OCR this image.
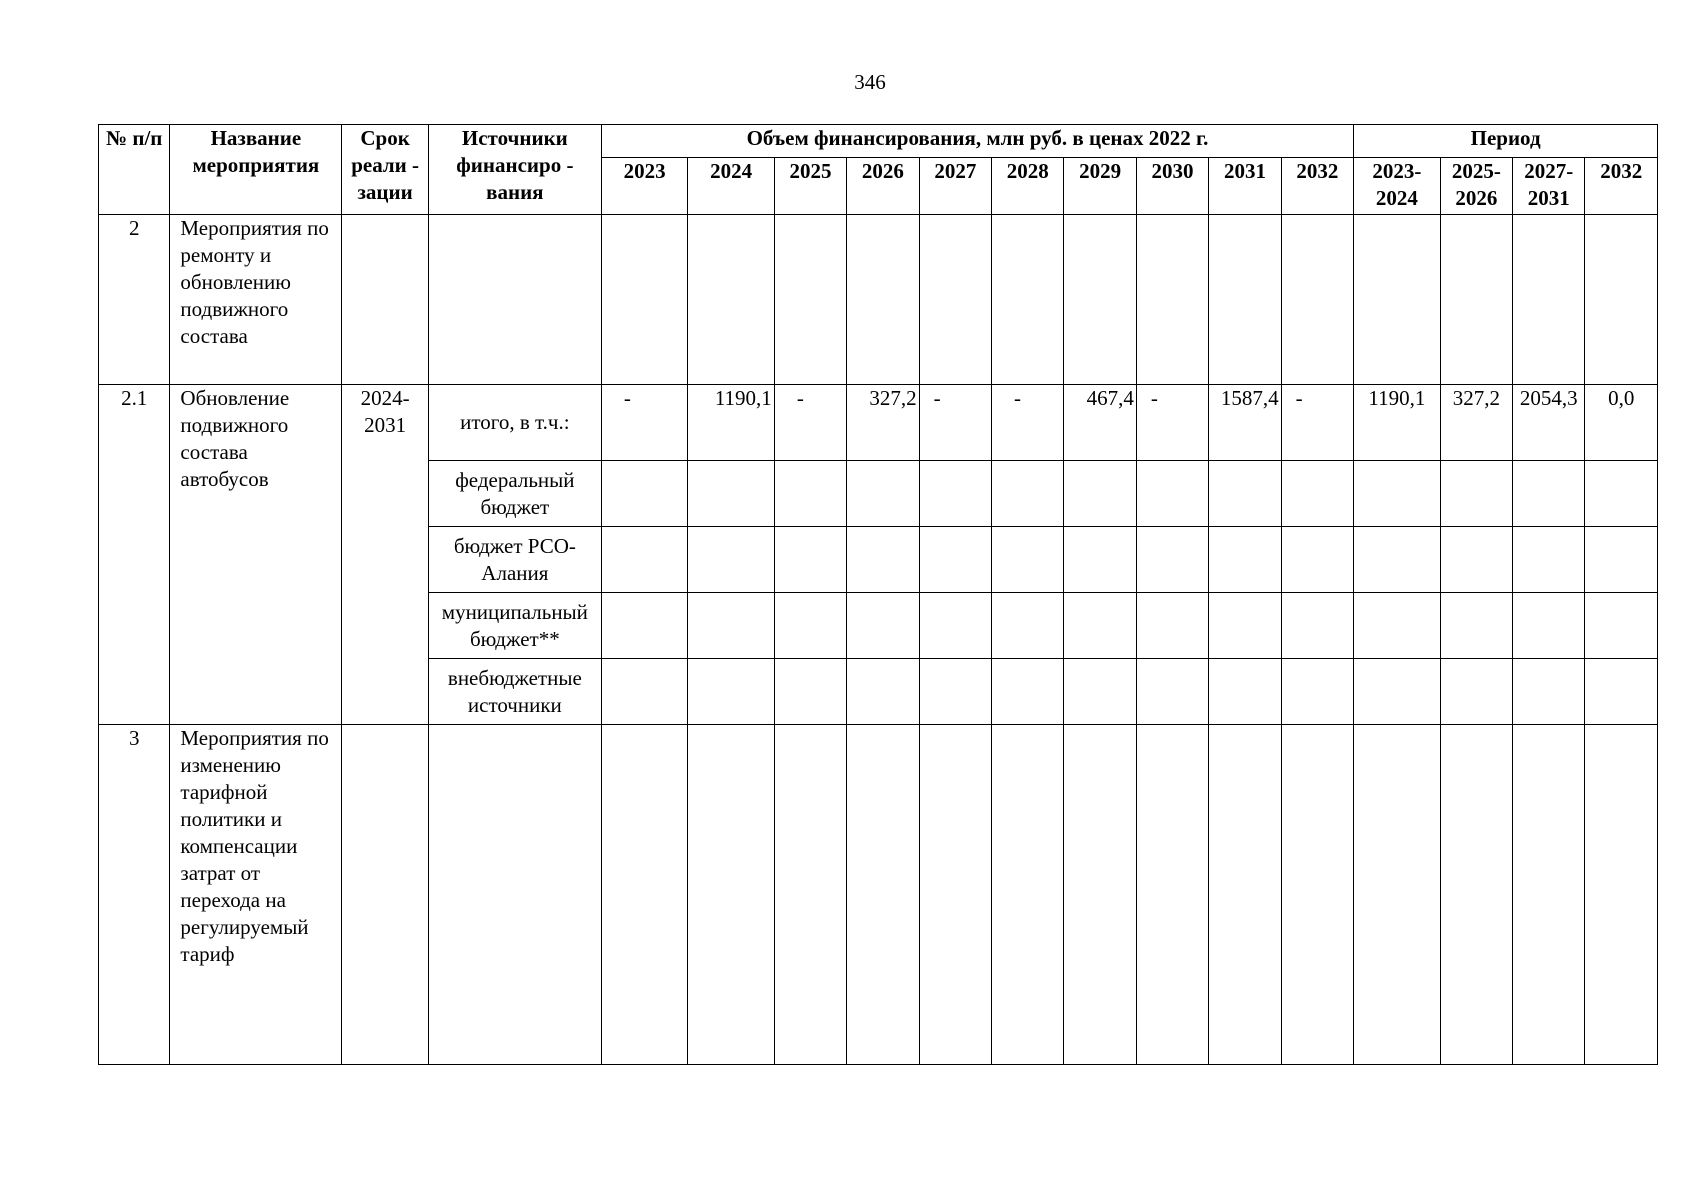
346
№ п/п	Название мероприятия	Срок реали - зации	Источники финансиро - вания	Объем финансирования, млн руб. в ценах 2022 г.										Период			
				2023	2024	2025	2026	2027	2028	2029	2030	2031	2032	2023-2024	2025-2026	2027-2031	2032
2	Мероприятия по ремонту и обновлению подвижного состава																
2.1	Обновление подвижного состава автобусов	2024-2031	итого, в т.ч.:	-	1190,1	-	327,2	-	-	467,4	-	1587,4	-	1190,1	327,2	2054,3	0,0
			федеральный бюджет														
			бюджет РСО-Алания														
			муниципальный бюджет**														
			внебюджетные источники														
3	Мероприятия по изменению тарифной политики и компенсации затрат от перехода на регулируемый тариф																
